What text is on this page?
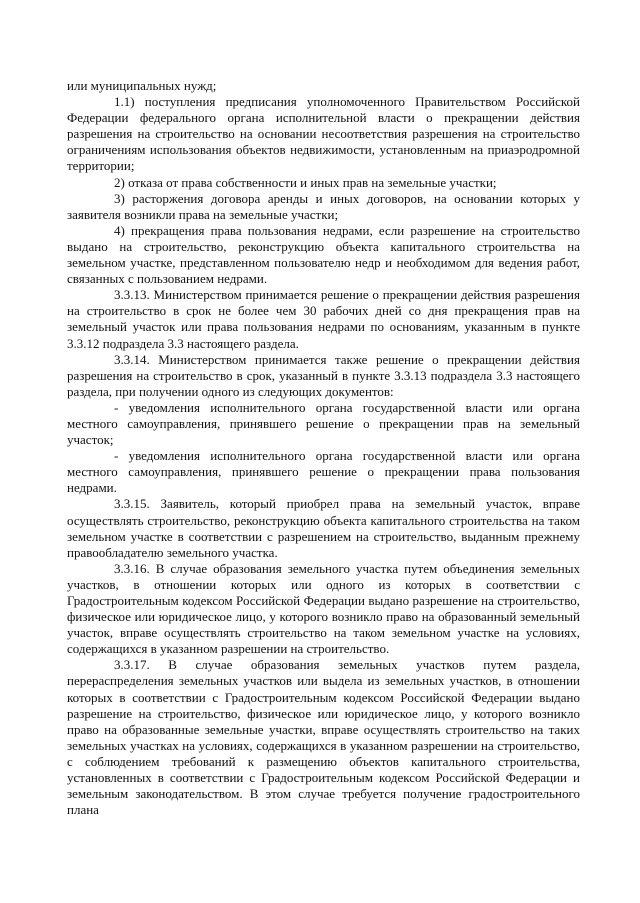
или муниципальных нужд;

1.1) поступления предписания уполномоченного Правительством Российской Федерации федерального органа исполнительной власти о прекращении действия разрешения на строительство на основании несоответствия разрешения на строительство ограничениям использования объектов недвижимости, установленным на приаэродромной территории;

2) отказа от права собственности и иных прав на земельные участки;

3) расторжения договора аренды и иных договоров, на основании которых у заявителя возникли права на земельные участки;

4) прекращения права пользования недрами, если разрешение на строительство выдано на строительство, реконструкцию объекта капитального строительства на земельном участке, представленном пользователю недр и необходимом для ведения работ, связанных с пользованием недрами.

3.3.13. Министерством принимается решение о прекращении действия разрешения на строительство в срок не более чем 30 рабочих дней со дня прекращения прав на земельный участок или права пользования недрами по основаниям, указанным в пункте 3.3.12 подраздела 3.3 настоящего раздела.

3.3.14. Министерством принимается также решение о прекращении действия разрешения на строительство в срок, указанный в пункте 3.3.13 подраздела 3.3 настоящего раздела, при получении одного из следующих документов:

- уведомления исполнительного органа государственной власти или органа местного самоуправления, принявшего решение о прекращении прав на земельный участок;

- уведомления исполнительного органа государственной власти или органа местного самоуправления, принявшего решение о прекращении права пользования недрами.

3.3.15. Заявитель, который приобрел права на земельный участок, вправе осуществлять строительство, реконструкцию объекта капитального строительства на таком земельном участке в соответствии с разрешением на строительство, выданным прежнему правообладателю земельного участка.

3.3.16. В случае образования земельного участка путем объединения земельных участков, в отношении которых или одного из которых в соответствии с Градостроительным кодексом Российской Федерации выдано разрешение на строительство, физическое или юридическое лицо, у которого возникло право на образованный земельный участок, вправе осуществлять строительство на таком земельном участке на условиях, содержащихся в указанном разрешении на строительство.

3.3.17. В случае образования земельных участков путем раздела, перераспределения земельных участков или выдела из земельных участков, в отношении которых в соответствии с Градостроительным кодексом Российской Федерации выдано разрешение на строительство, физическое или юридическое лицо, у которого возникло право на образованные земельные участки, вправе осуществлять строительство на таких земельных участках на условиях, содержащихся в указанном разрешении на строительство, с соблюдением требований к размещению объектов капитального строительства, установленных в соответствии с Градостроительным кодексом Российской Федерации и земельным законодательством. В этом случае требуется получение градостроительного плана
